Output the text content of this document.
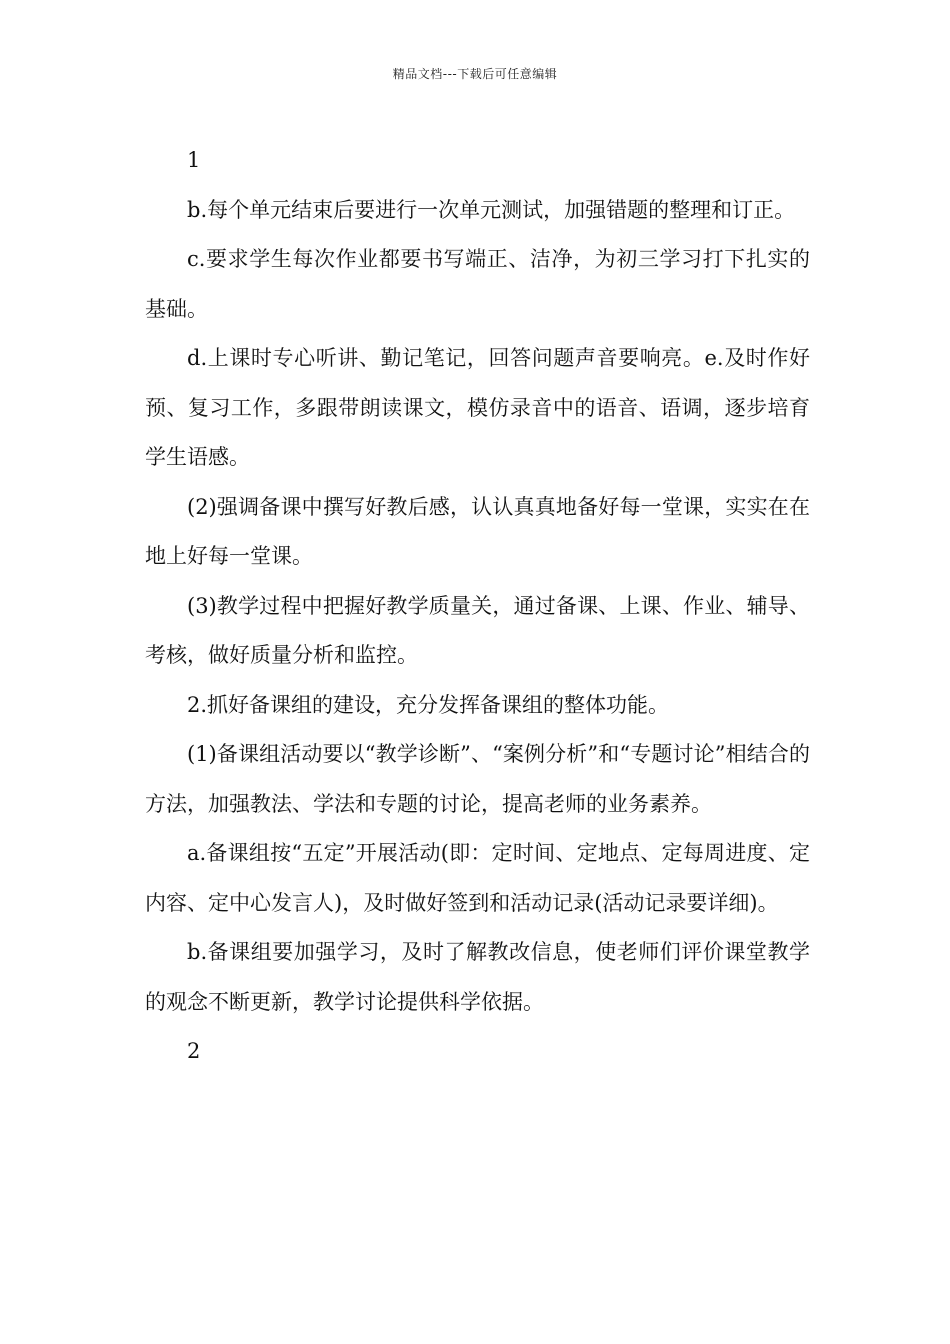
精品文档---下载后可任意编辑

1

b.每个单元结束后要进行一次单元测试，加强错题的整理和订正。

c.要求学生每次作业都要书写端正、洁净，为初三学习打下扎实的基础。

d.上课时专心听讲、勤记笔记，回答问题声音要响亮。e.及时作好预、复习工作，多跟带朗读课文，模仿录音中的语音、语调，逐步培育学生语感。

(2)强调备课中撰写好教后感，认认真真地备好每一堂课，实实在在地上好每一堂课。

(3)教学过程中把握好教学质量关，通过备课、上课、作业、辅导、考核，做好质量分析和监控。

2.抓好备课组的建设，充分发挥备课组的整体功能。

(1)备课组活动要以“教学诊断”、“案例分析”和“专题讨论”相结合的方法，加强教法、学法和专题的讨论，提高老师的业务素养。

a.备课组按“五定”开展活动(即：定时间、定地点、定每周进度、定内容、定中心发言人)，及时做好签到和活动记录(活动记录要详细)。

b.备课组要加强学习，及时了解教改信息，使老师们评价课堂教学的观念不断更新，教学讨论提供科学依据。

2
